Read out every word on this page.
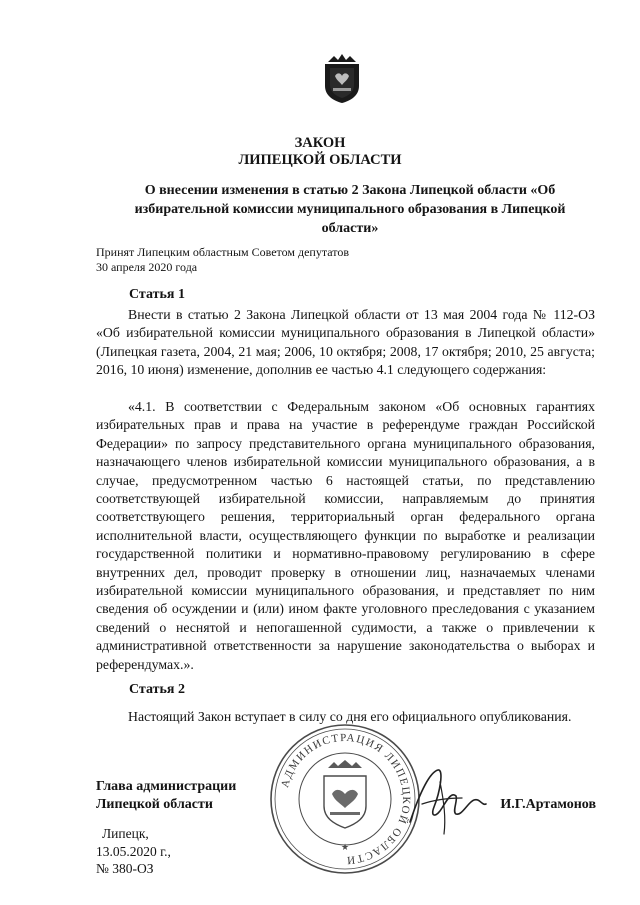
ЗАКОН
ЛИПЕЦКОЙ ОБЛАСТИ
О внесении изменения в статью 2 Закона Липецкой области «Об избирательной комиссии муниципального образования в Липецкой области»
Принят Липецким областным Советом депутатов
30 апреля 2020 года
Статья 1

Внести в статью 2 Закона Липецкой области от 13 мая 2004 года № 112-ОЗ «Об избирательной комиссии муниципального образования в Липецкой области» (Липецкая газета, 2004, 21 мая; 2006, 10 октября; 2008, 17 октября; 2010, 25 августа; 2016, 10 июня) изменение, дополнив ее частью 4.1 следующего содержания:

«4.1. В соответствии с Федеральным законом «Об основных гарантиях избирательных прав и права на участие в референдуме граждан Российской Федерации» по запросу представительного органа муниципального образования, назначающего членов избирательной комиссии муниципального образования, а в случае, предусмотренном частью 6 настоящей статьи, по представлению соответствующей избирательной комиссии, направляемым до принятия соответствующего решения, территориальный орган федерального органа исполнительной власти, осуществляющего функции по выработке и реализации государственной политики и нормативно-правовому регулированию в сфере внутренних дел, проводит проверку в отношении лиц, назначаемых членами избирательной комиссии муниципального образования, и представляет по ним сведения об осуждении и (или) ином факте уголовного преследования с указанием сведений о неснятой и непогашенной судимости, а также о привлечении к административной ответственности за нарушение законодательства о выборах и референдумах.».

Статья 2

Настоящий Закон вступает в силу со дня его официального опубликования.

АДМИНИСТРАЦИЯ ЛИПЕЦКОЙ ОБЛАСТИ
★
Глава администрации
Липецкой области	И.Г.Артамонов
Липецк,
13.05.2020 г.,
№ 380-ОЗ
